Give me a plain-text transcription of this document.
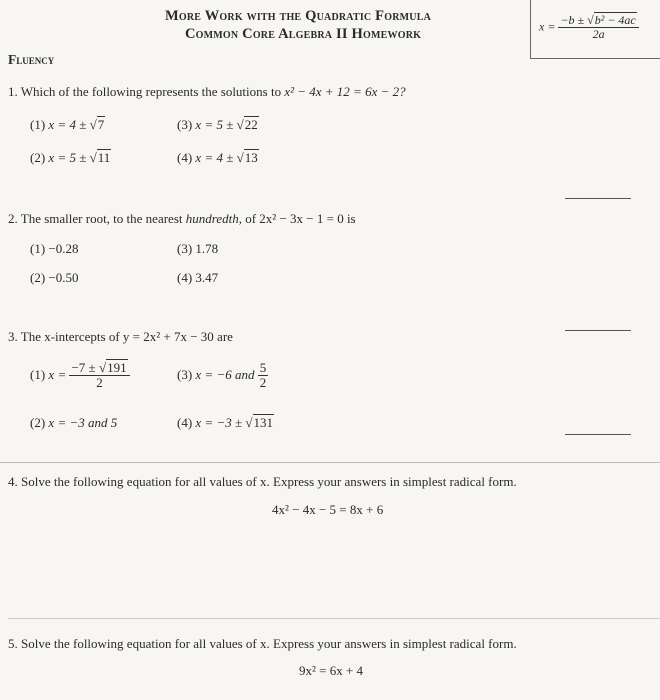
More Work with the Quadratic Formula
Common Core Algebra II Homework	$x = \frac{\text{−b ± √ b² − 4ac}}{2a}$
Fluency
1. Which of the following represents the solutions to x² − 4x + 12 = 6x − 2?
(1) x = 4 ± √ 7	(3) x = 5 ± √ 22
(2) x = 5 ± √ 11	(4) x = 4 ± √ 13
2. The smaller root, to the nearest hundredth, of 2x² − 3x − 1 = 0 is
(1) −0.28	(3) 1.78
(2) −0.50	(4) 3.47
3. The x-intercepts of y = 2x² + 7x − 30 are
(1) $x = \frac{-7 \pm √ 191}{2}$	(3) x = −6 and $\frac{5}{2}$
(2) x = −3 and 5	(4) x = −3 ± √ 131
4. Solve the following equation for all values of x. Express your answers in simplest radical form.
4x² − 4x − 5 = 8x + 6
5. Solve the following equation for all values of x. Express your answers in simplest radical form.
9x² = 6x + 4
